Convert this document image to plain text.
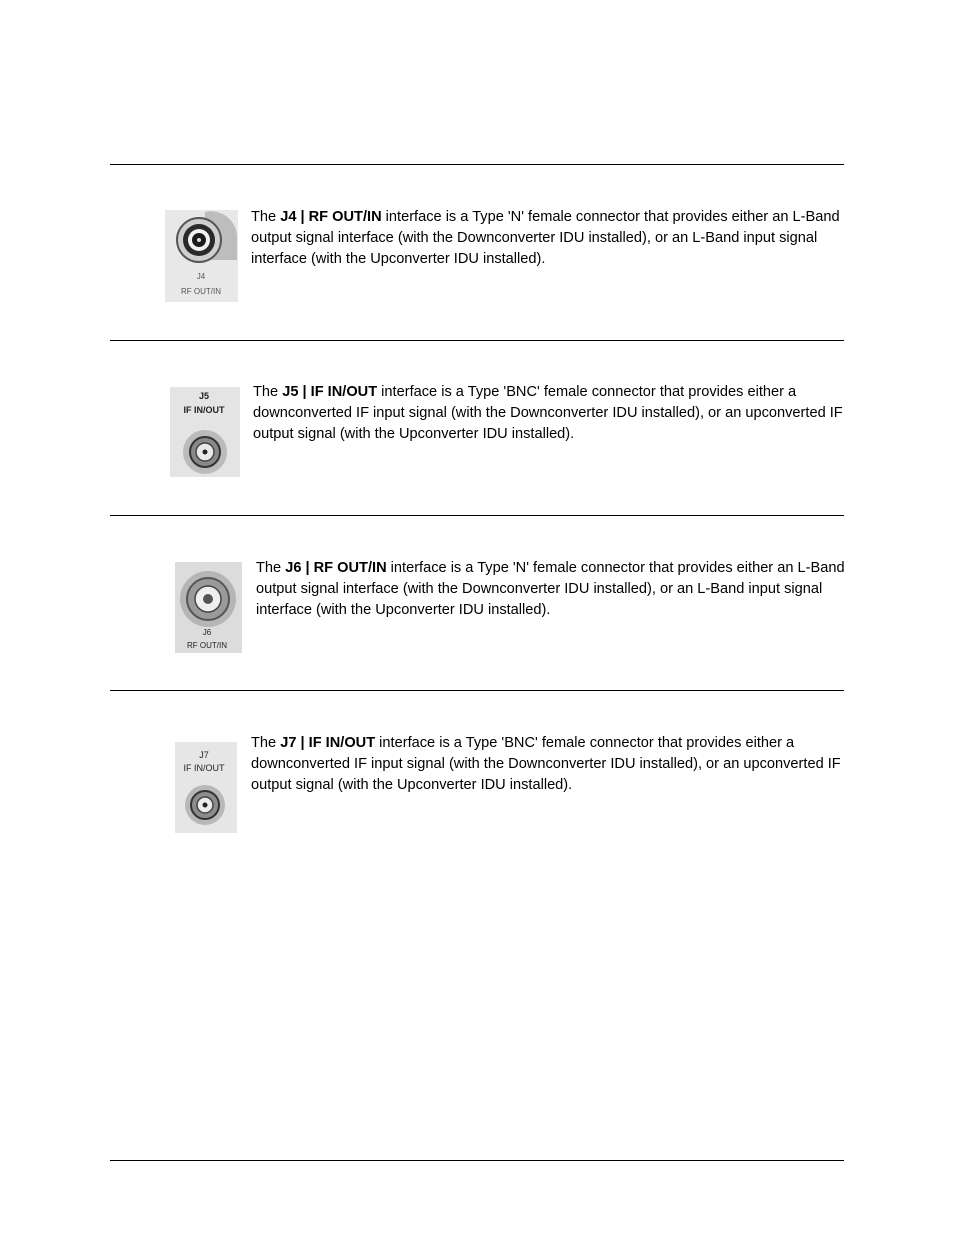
J4
RF OUT/IN
The J4 | RF OUT/IN interface is a Type 'N' female connector that provides either an L-Band output signal interface (with the Downconverter IDU installed), or an L-Band input signal interface (with the Upconverter IDU installed).
J5
IF IN/OUT
The J5 | IF IN/OUT interface is a Type 'BNC' female connector that provides either a downconverted IF input signal (with the Downconverter IDU installed), or an upconverted IF output signal (with the Upconverter IDU installed).
J6
RF OUT/IN
The J6 | RF OUT/IN interface is a Type 'N' female connector that provides either an L-Band output signal interface (with the Downconverter IDU installed), or an L-Band input signal interface (with the Upconverter IDU installed).
J7
IF IN/OUT
The J7 | IF IN/OUT interface is a Type 'BNC' female connector that provides either a downconverted IF input signal (with the Downconverter IDU installed), or an upconverted IF output signal (with the Upconverter IDU installed).
